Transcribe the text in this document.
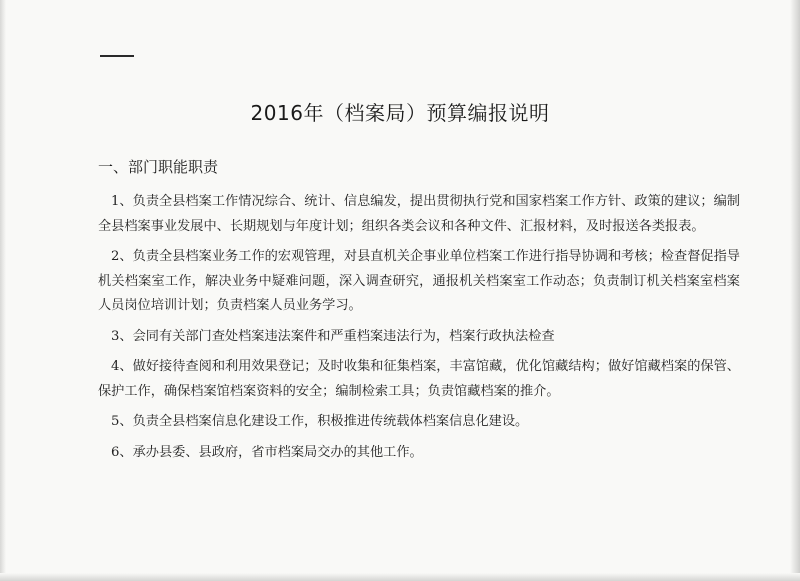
2016年（档案局）预算编报说明
一、部门职能职责

1、负责全县档案工作情况综合、统计、信息编发，提出贯彻执行党和国家档案工作方针、政策的建议；编制全县档案事业发展中、长期规划与年度计划；组织各类会议和各种文件、汇报材料，及时报送各类报表。

2、负责全县档案业务工作的宏观管理，对县直机关企事业单位档案工作进行指导协调和考核；检查督促指导机关档案室工作，解决业务中疑难问题，深入调查研究，通报机关档案室工作动态；负责制订机关档案室档案人员岗位培训计划；负责档案人员业务学习。

3、会同有关部门查处档案违法案件和严重档案违法行为，档案行政执法检查

4、做好接待查阅和利用效果登记；及时收集和征集档案，丰富馆藏，优化馆藏结构；做好馆藏档案的保管、保护工作，确保档案馆档案资料的安全；编制检索工具；负责馆藏档案的推介。

5、负责全县档案信息化建设工作，积极推进传统载体档案信息化建设。

6、承办县委、县政府，省市档案局交办的其他工作。
